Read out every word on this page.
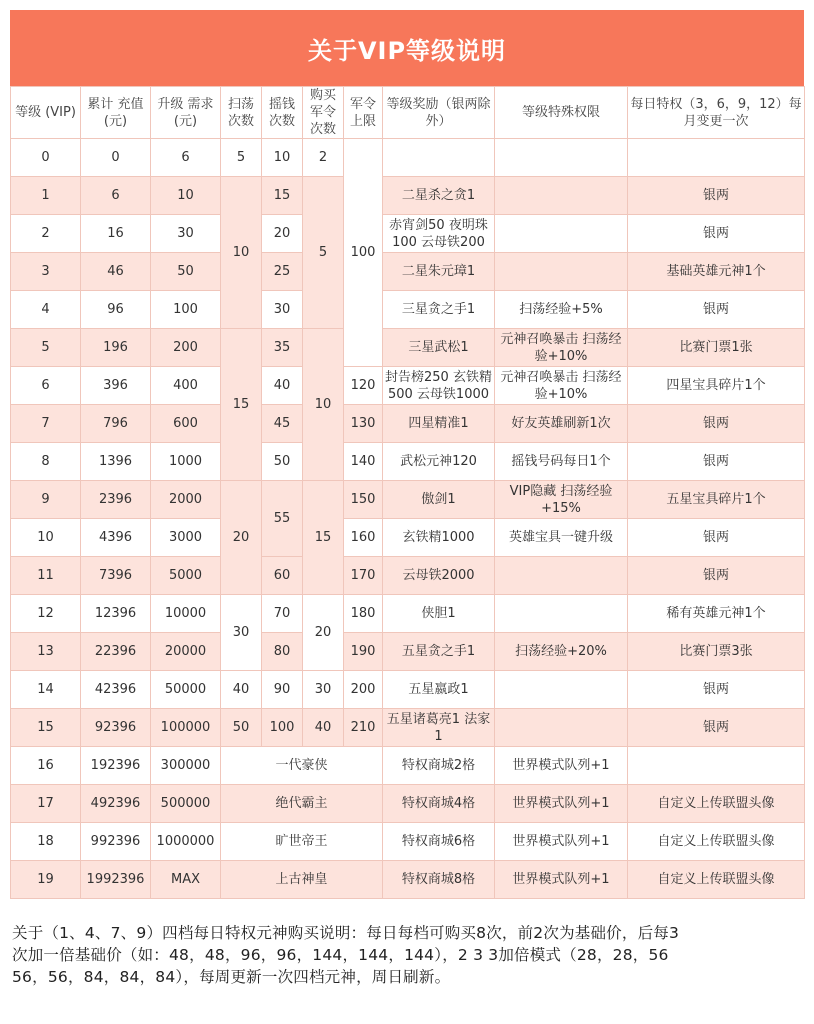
关于VIP等级说明
等级 (VIP)	累计 充值(元)	升级 需求(元)	扫荡次数	摇钱次数	购买军令次数	军令上限	等级奖励（银两除外）	等级特殊权限	每日特权（3，6，9，12）每月变更一次
0	0	6	5	10	2	100			
1	6	10	10	15	5		二星杀之贪1		银两
2	16	30		20			赤宵剑50 夜明珠100 云母铁200		银两
3	46	50		25			二星朱元璋1		基础英雄元神1个
4	96	100		30			三星贪之手1	扫荡经验+5%	银两
5	196	200	15	35	10		三星武松1	元神召唤暴击 扫荡经验+10%	比赛门票1张
6	396	400		40		120	封告榜250 玄铁精500 云母铁1000	元神召唤暴击 扫荡经验+10%	四星宝具碎片1个
7	796	600		45		130	四星精准1	好友英雄刷新1次	银两
8	1396	1000		50		140	武松元神120	摇钱号码每日1个	银两
9	2396	2000	20	55	15	150	傲剑1	VIP隐藏 扫荡经验+15%	五星宝具碎片1个
10	4396	3000				160	玄铁精1000	英雄宝具一键升级	银两
11	7396	5000		60		170	云母铁2000		银两
12	12396	10000	30	70	20	180	侠胆1		稀有英雄元神1个
13	22396	20000		80		190	五星贪之手1	扫荡经验+20%	比赛门票3张
14	42396	50000	40	90	30	200	五星嬴政1		银两
15	92396	100000	50	100	40	210	五星诸葛亮1 法家1		银两
16	192396	300000	一代豪侠				特权商城2格	世界模式队列+1	
17	492396	500000	绝代霸主				特权商城4格	世界模式队列+1	自定义上传联盟头像
18	992396	1000000	旷世帝王				特权商城6格	世界模式队列+1	自定义上传联盟头像
19	1992396	MAX	上古神皇				特权商城8格	世界模式队列+1	自定义上传联盟头像
关于（1、4、7、9）四档每日特权元神购买说明：每日每档可购买8次，前2次为基础价，后每3
次加一倍基础价（如：48，48，96，96，144，144，144），2 3 3加倍模式（28，28，56
56，56，84，84，84），每周更新一次四档元神，周日刷新。
